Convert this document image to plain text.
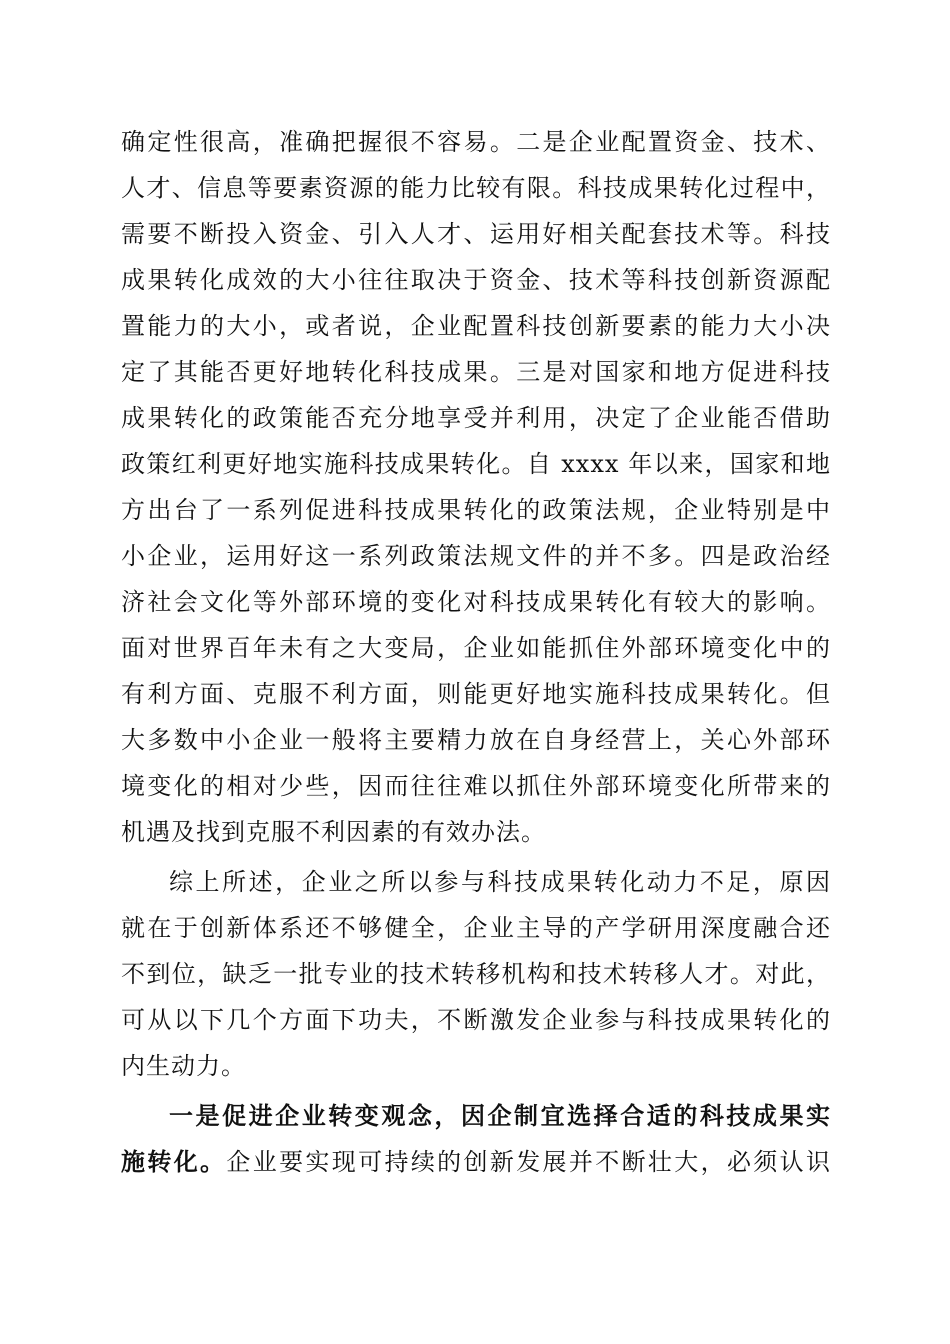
确定性很高，准确把握很不容易。二是企业配置资金、技术、
人才、信息等要素资源的能力比较有限。科技成果转化过程中，
需要不断投入资金、引入人才、运用好相关配套技术等。科技
成果转化成效的大小往往取决于资金、技术等科技创新资源配
置能力的大小，或者说，企业配置科技创新要素的能力大小决
定了其能否更好地转化科技成果。三是对国家和地方促进科技
成果转化的政策能否充分地享受并利用，决定了企业能否借助
政策红利更好地实施科技成果转化。自 xxxx 年以来，国家和地
方出台了一系列促进科技成果转化的政策法规，企业特别是中
小企业，运用好这一系列政策法规文件的并不多。四是政治经
济社会文化等外部环境的变化对科技成果转化有较大的影响。
面对世界百年未有之大变局，企业如能抓住外部环境变化中的
有利方面、克服不利方面，则能更好地实施科技成果转化。但
大多数中小企业一般将主要精力放在自身经营上，关心外部环
境变化的相对少些，因而往往难以抓住外部环境变化所带来的
机遇及找到克服不利因素的有效办法。
综上所述，企业之所以参与科技成果转化动力不足，原因
就在于创新体系还不够健全，企业主导的产学研用深度融合还
不到位，缺乏一批专业的技术转移机构和技术转移人才。对此，
可从以下几个方面下功夫，不断激发企业参与科技成果转化的
内生动力。
一是促进企业转变观念，因企制宜选择合适的科技成果实
施转化。企业要实现可持续的创新发展并不断壮大，必须认识
